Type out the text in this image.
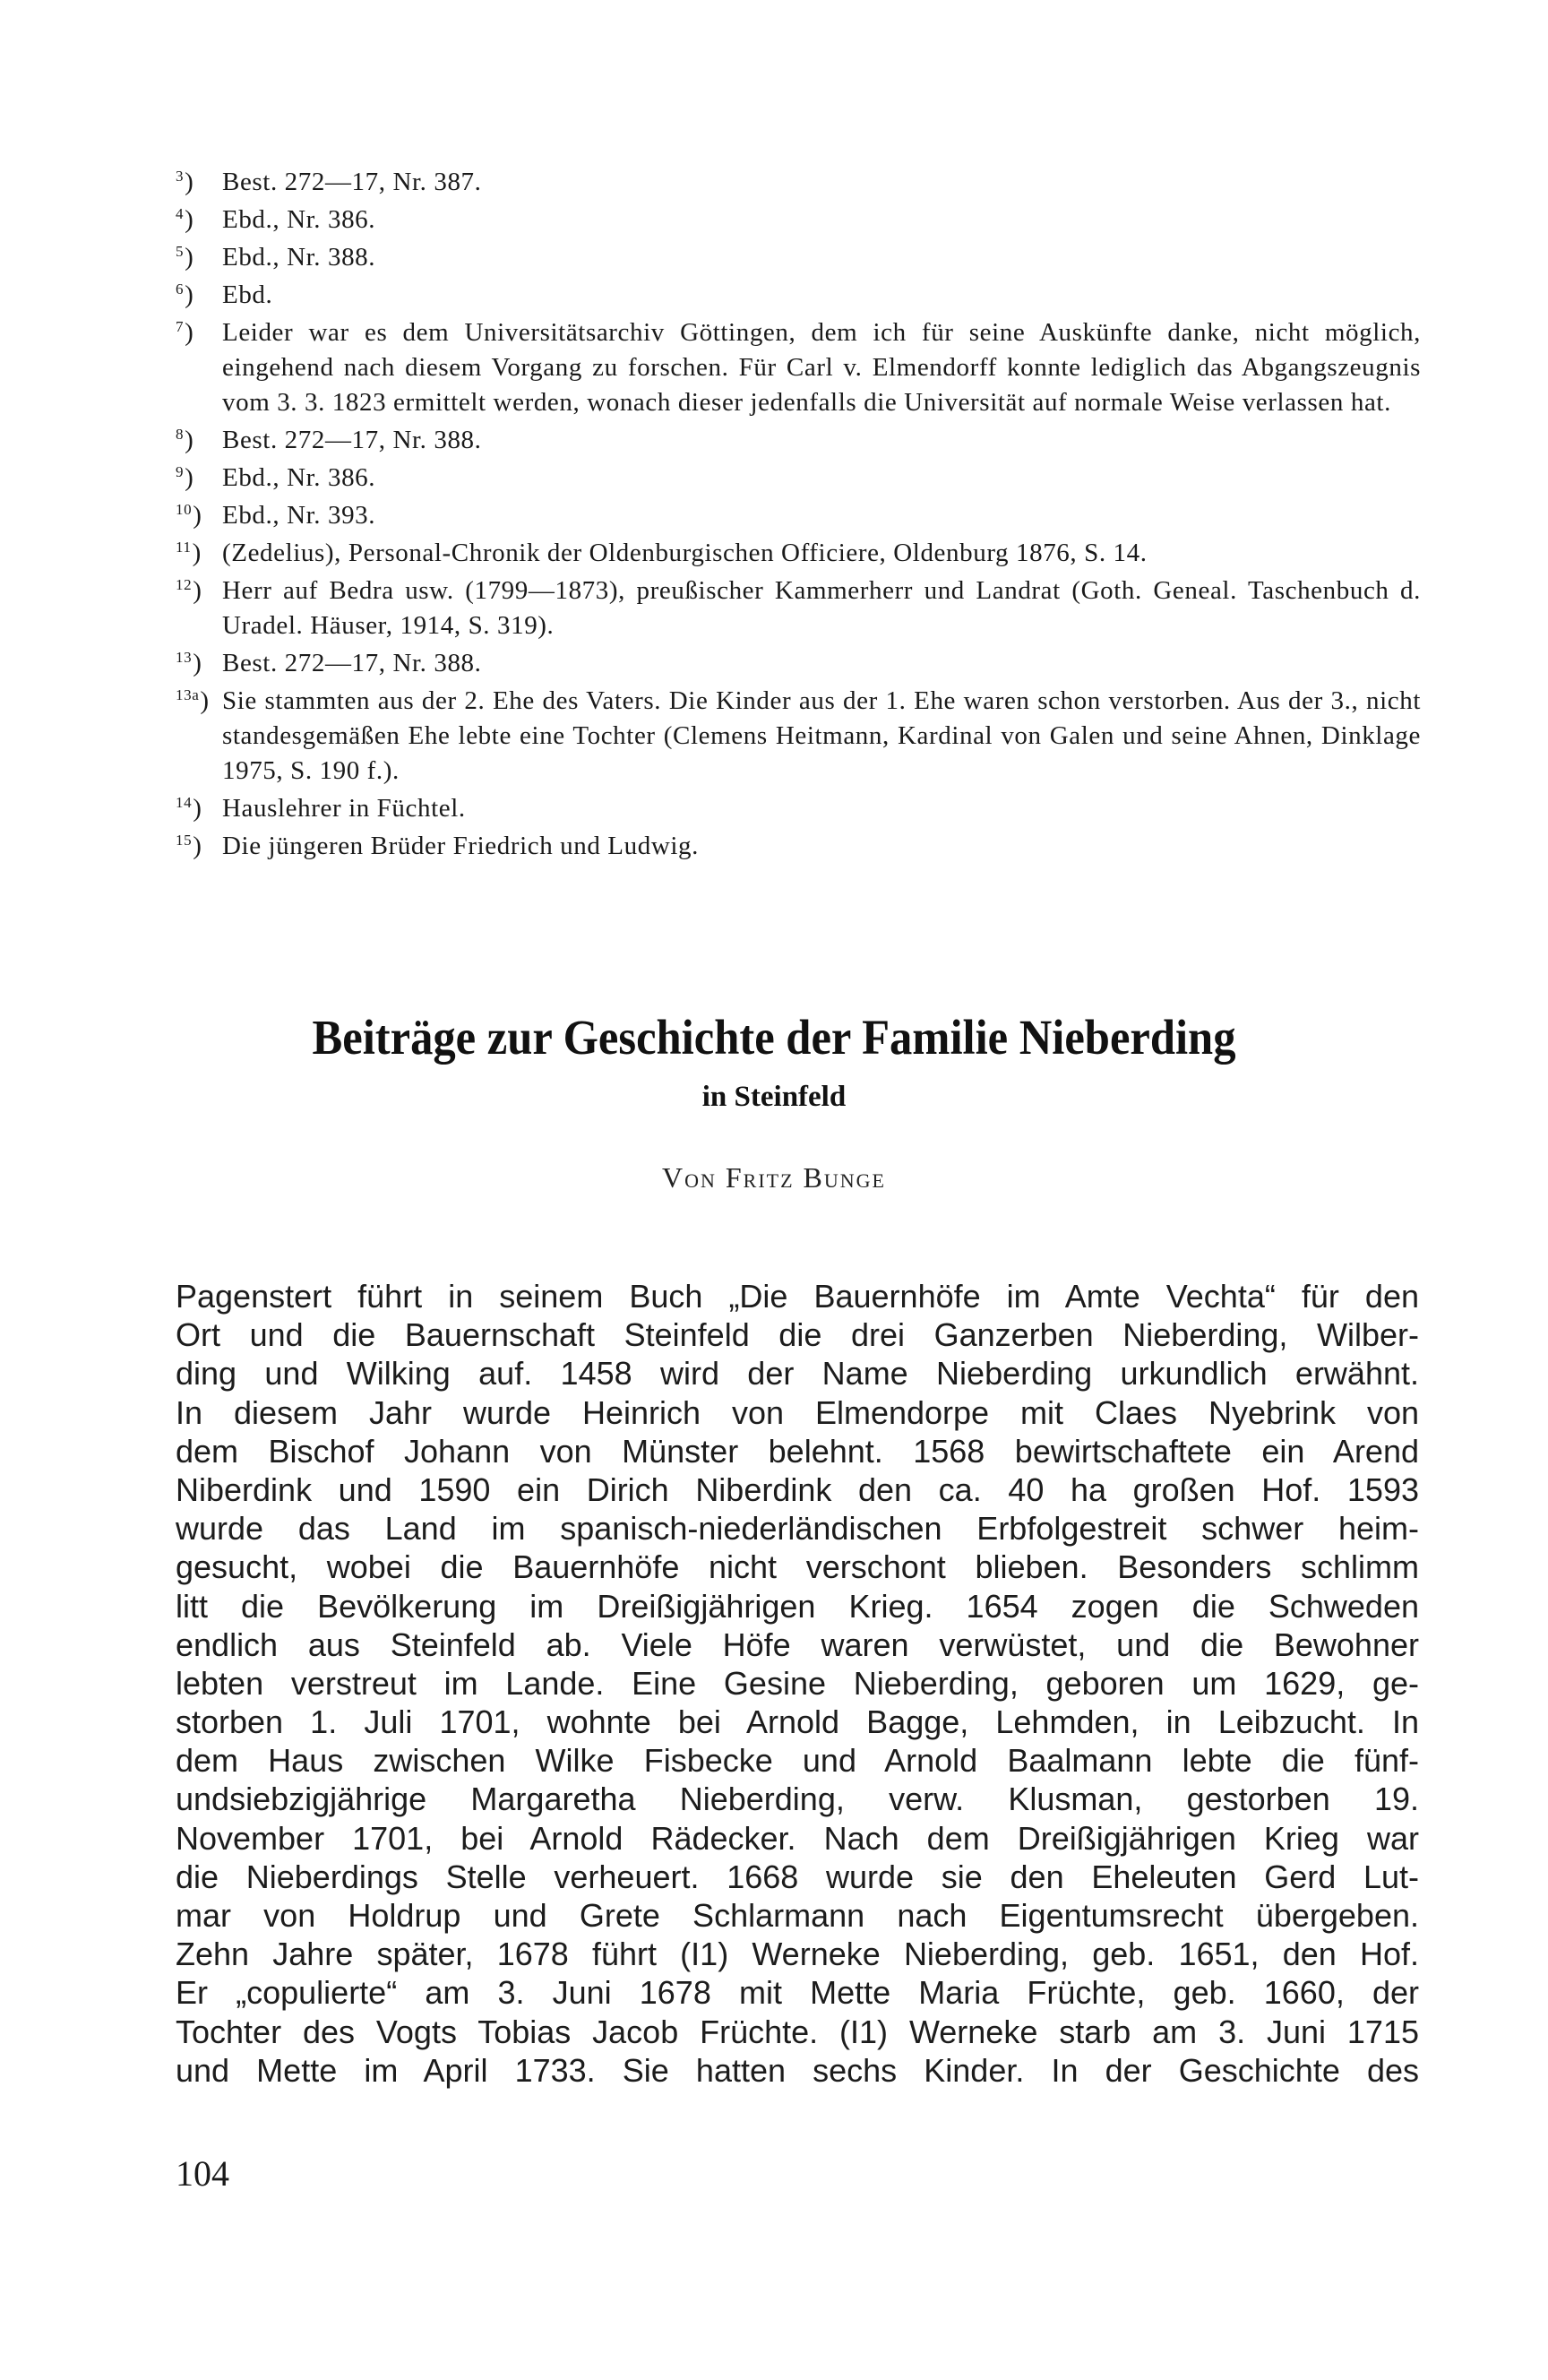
$^3$) Best. 272—17, Nr. 387.
$^4$) Ebd., Nr. 386.
$^5$) Ebd., Nr. 388.
$^6$) Ebd.
$^7$) Leider war es dem Universitätsarchiv Göttingen, dem ich für seine Auskünfte danke, nicht möglich, eingehend nach diesem Vorgang zu forschen. Für Carl v. Elmendorff konnte lediglich das Abgangszeugnis vom 3. 3. 1823 ermittelt werden, wonach dieser jedenfalls die Universität auf normale Weise verlassen hat.
$^8$) Best. 272—17, Nr. 388.
$^9$) Ebd., Nr. 386.
$^{10}$) Ebd., Nr. 393.
$^{11}$) (Zedelius), Personal-Chronik der Oldenburgischen Officiere, Oldenburg 1876, S. 14.
$^{12}$) Herr auf Bedra usw. (1799—1873), preußischer Kammerherr und Landrat (Goth. Geneal. Taschenbuch d. Uradel. Häuser, 1914, S. 319).
$^{13}$) Best. 272—17, Nr. 388.
$^{13a}$) Sie stammten aus der 2. Ehe des Vaters. Die Kinder aus der 1. Ehe waren schon verstorben. Aus der 3., nicht standesgemäßen Ehe lebte eine Tochter (Clemens Heitmann, Kardinal von Galen und seine Ahnen, Dinklage 1975, S. 190 f.).
$^{14}$) Hauslehrer in Füchtel.
$^{15}$) Die jüngeren Brüder Friedrich und Ludwig.
Beiträge zur Geschichte der Familie Nieberding
in Steinfeld
Von Fritz Bunge
Pagenstert führt in seinem Buch „Die Bauernhöfe im Amte Vechta“ für den
Ort und die Bauernschaft Steinfeld die drei Ganzerben Nieberding, Wilber-
ding und Wilking auf. 1458 wird der Name Nieberding urkundlich erwähnt.
In diesem Jahr wurde Heinrich von Elmendorpe mit Claes Nyebrink von
dem Bischof Johann von Münster belehnt. 1568 bewirtschaftete ein Arend
Niberdink und 1590 ein Dirich Niberdink den ca. 40 ha großen Hof. 1593
wurde das Land im spanisch-niederländischen Erbfolgestreit schwer heim-
gesucht, wobei die Bauernhöfe nicht verschont blieben. Besonders schlimm
litt die Bevölkerung im Dreißigjährigen Krieg. 1654 zogen die Schweden
endlich aus Steinfeld ab. Viele Höfe waren verwüstet, und die Bewohner
lebten verstreut im Lande. Eine Gesine Nieberding, geboren um 1629, ge-
storben 1. Juli 1701, wohnte bei Arnold Bagge, Lehmden, in Leibzucht. In
dem Haus zwischen Wilke Fisbecke und Arnold Baalmann lebte die fünf-
undsiebzigjährige Margaretha Nieberding, verw. Klusman, gestorben 19.
November 1701, bei Arnold Rädecker. Nach dem Dreißigjährigen Krieg war
die Nieberdings Stelle verheuert. 1668 wurde sie den Eheleuten Gerd Lut-
mar von Holdrup und Grete Schlarmann nach Eigentumsrecht übergeben.
Zehn Jahre später, 1678 führt (I1) Werneke Nieberding, geb. 1651, den Hof.
Er „copulierte“ am 3. Juni 1678 mit Mette Maria Früchte, geb. 1660, der
Tochter des Vogts Tobias Jacob Früchte. (I1) Werneke starb am 3. Juni 1715
und Mette im April 1733. Sie hatten sechs Kinder. In der Geschichte des
104
